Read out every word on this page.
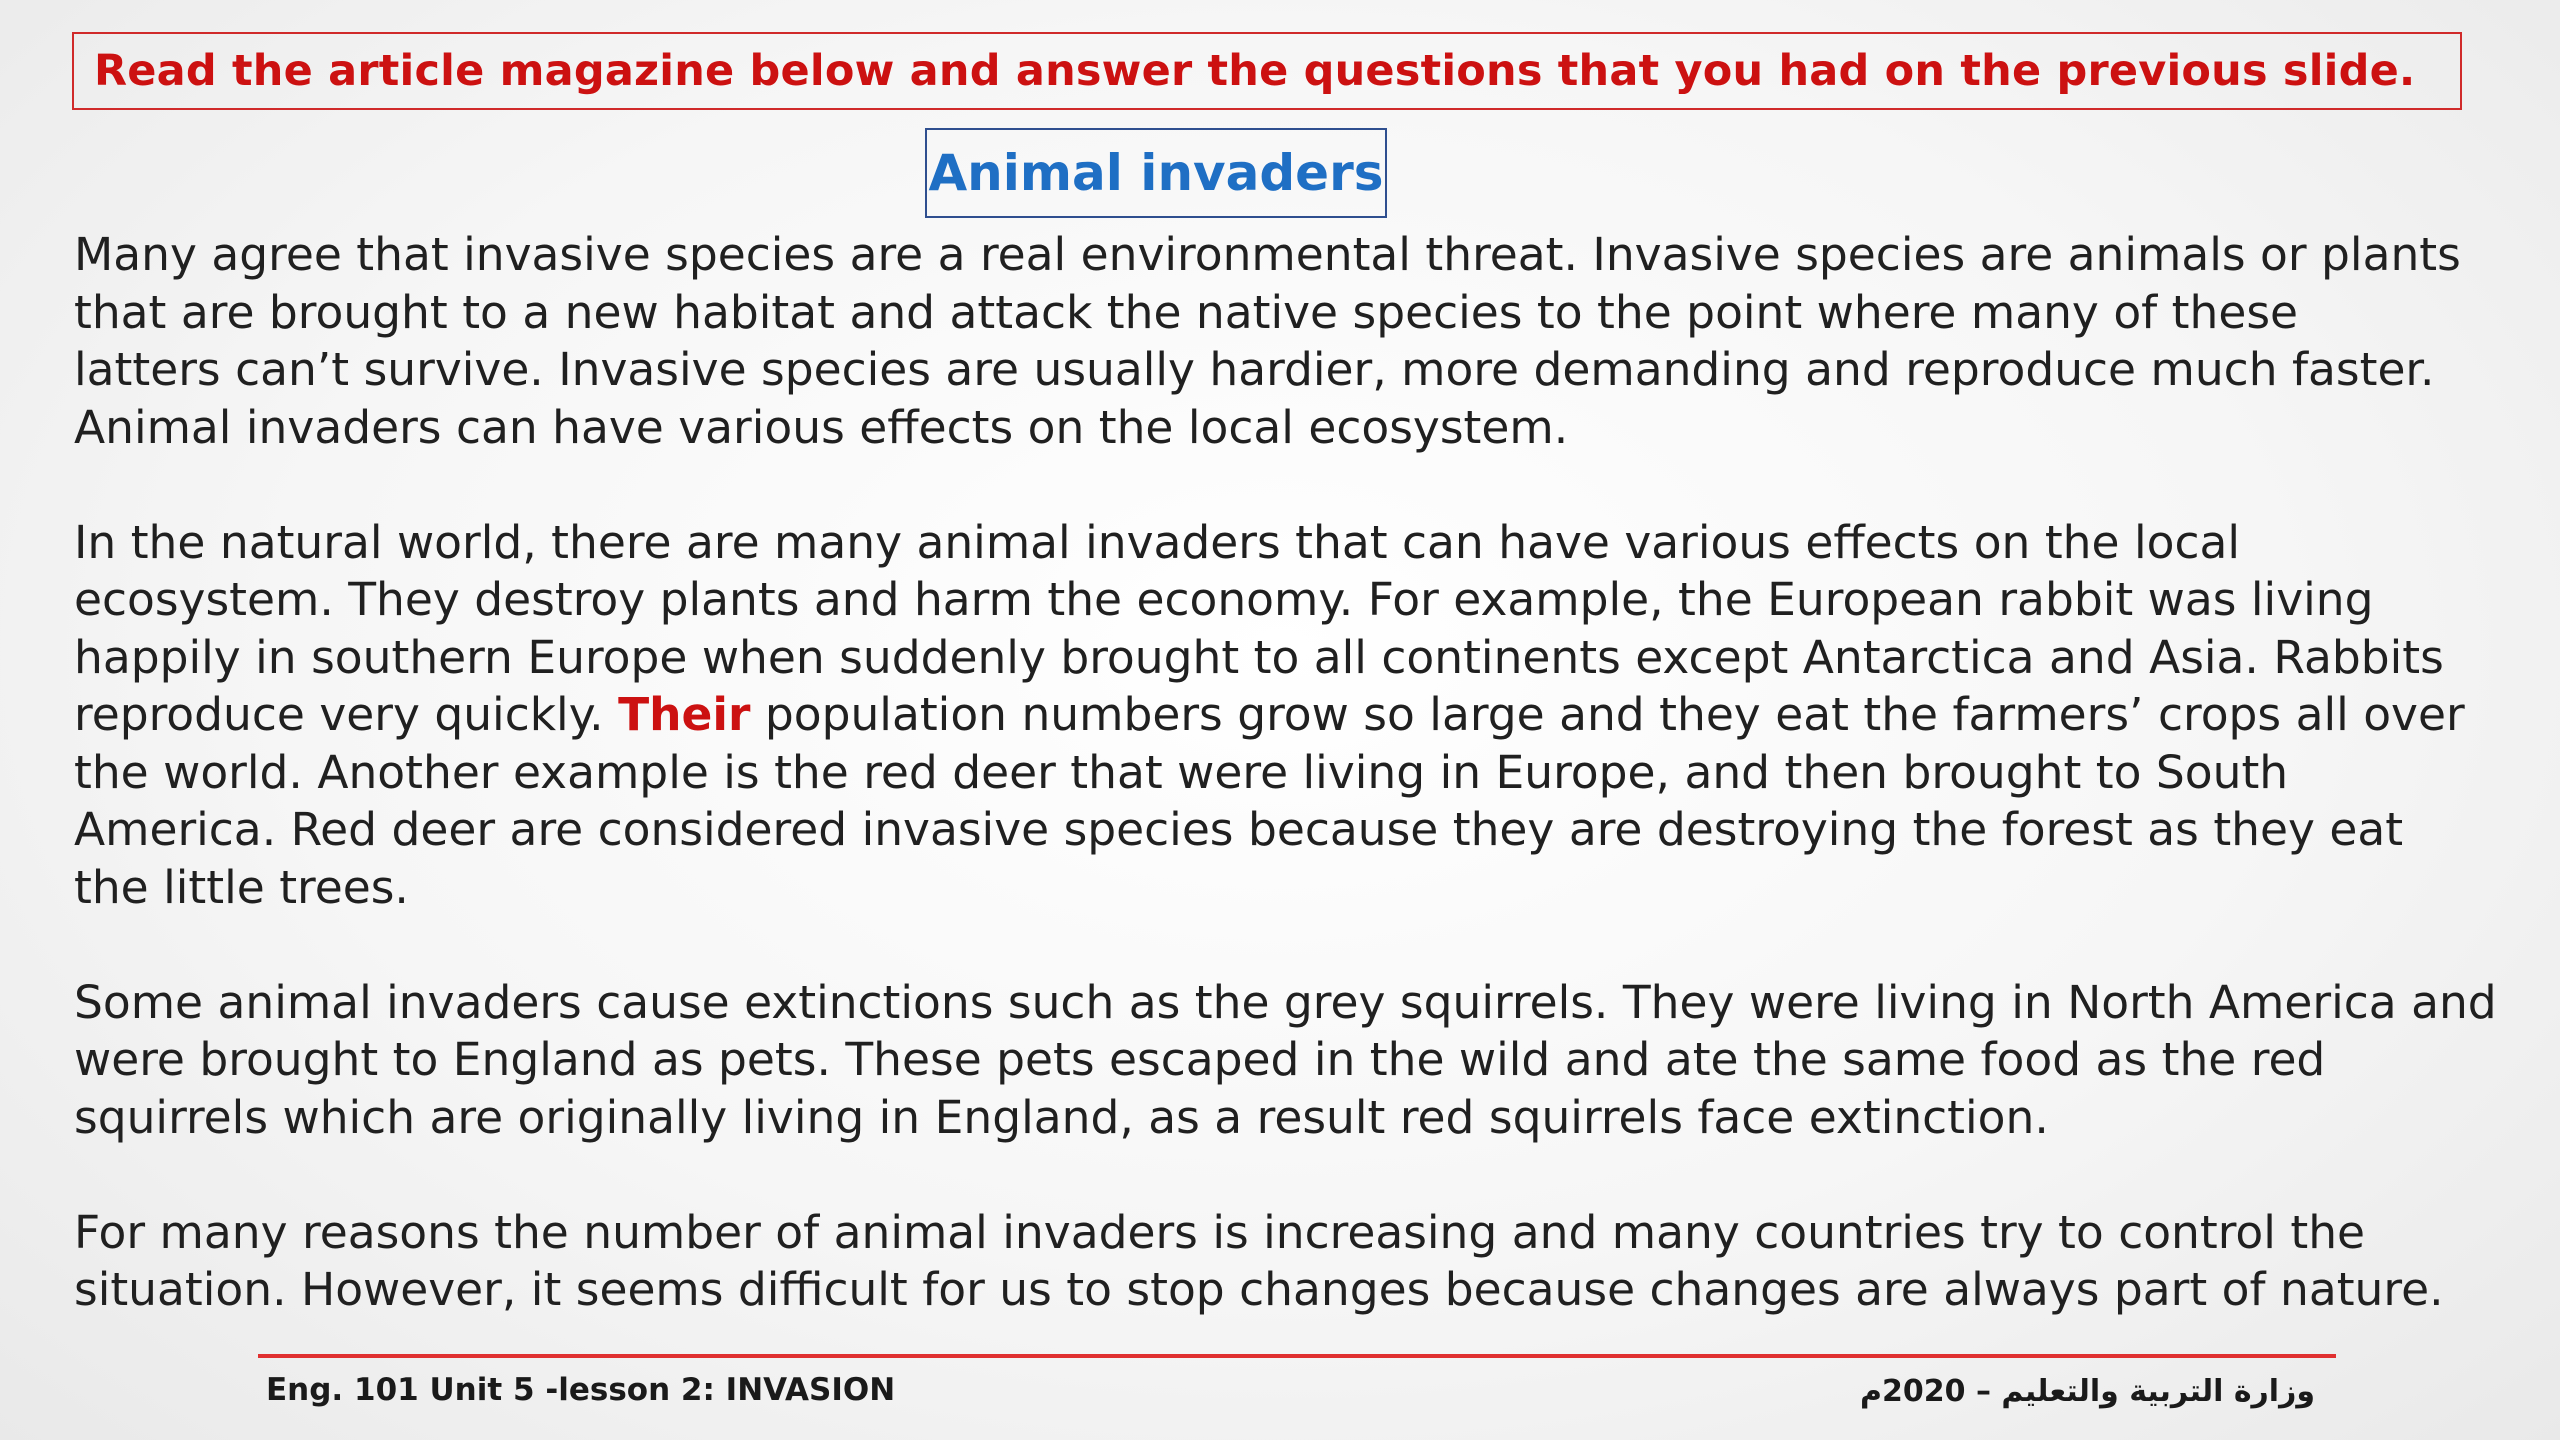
Read the article magazine below and answer the questions that you had on the previous slide.
Animal invaders

Many agree that invasive species are a real environmental threat. Invasive species are animals or plants
that are brought to a new habitat and attack the native species to the point where many of these
latters can’t survive. Invasive species are usually hardier, more demanding and reproduce much faster.
Animal invaders can have various effects on the local ecosystem.

In the natural world, there are many animal invaders that can have various effects on the local
ecosystem. They destroy plants and harm the economy. For example, the European rabbit was living
happily in southern Europe when suddenly brought to all continents except Antarctica and Asia. Rabbits
reproduce very quickly. Their population numbers grow so large and they eat the farmers’ crops all over
the world. Another example is the red deer that were living in Europe, and then brought to South
America. Red deer are considered invasive species because they are destroying the forest as they eat
the little trees.

Some animal invaders cause extinctions such as the grey squirrels. They were living in North America and
were brought to England as pets. These pets escaped in the wild and ate the same food as the red
squirrels which are originally living in England, as a result red squirrels face extinction.

For many reasons the number of animal invaders is increasing and many countries try to control the
situation. However, it seems difficult for us to stop changes because changes are always part of nature.

Eng. 101 Unit 5 -lesson 2: INVASION	وزارة التربية والتعليم – 2020م
